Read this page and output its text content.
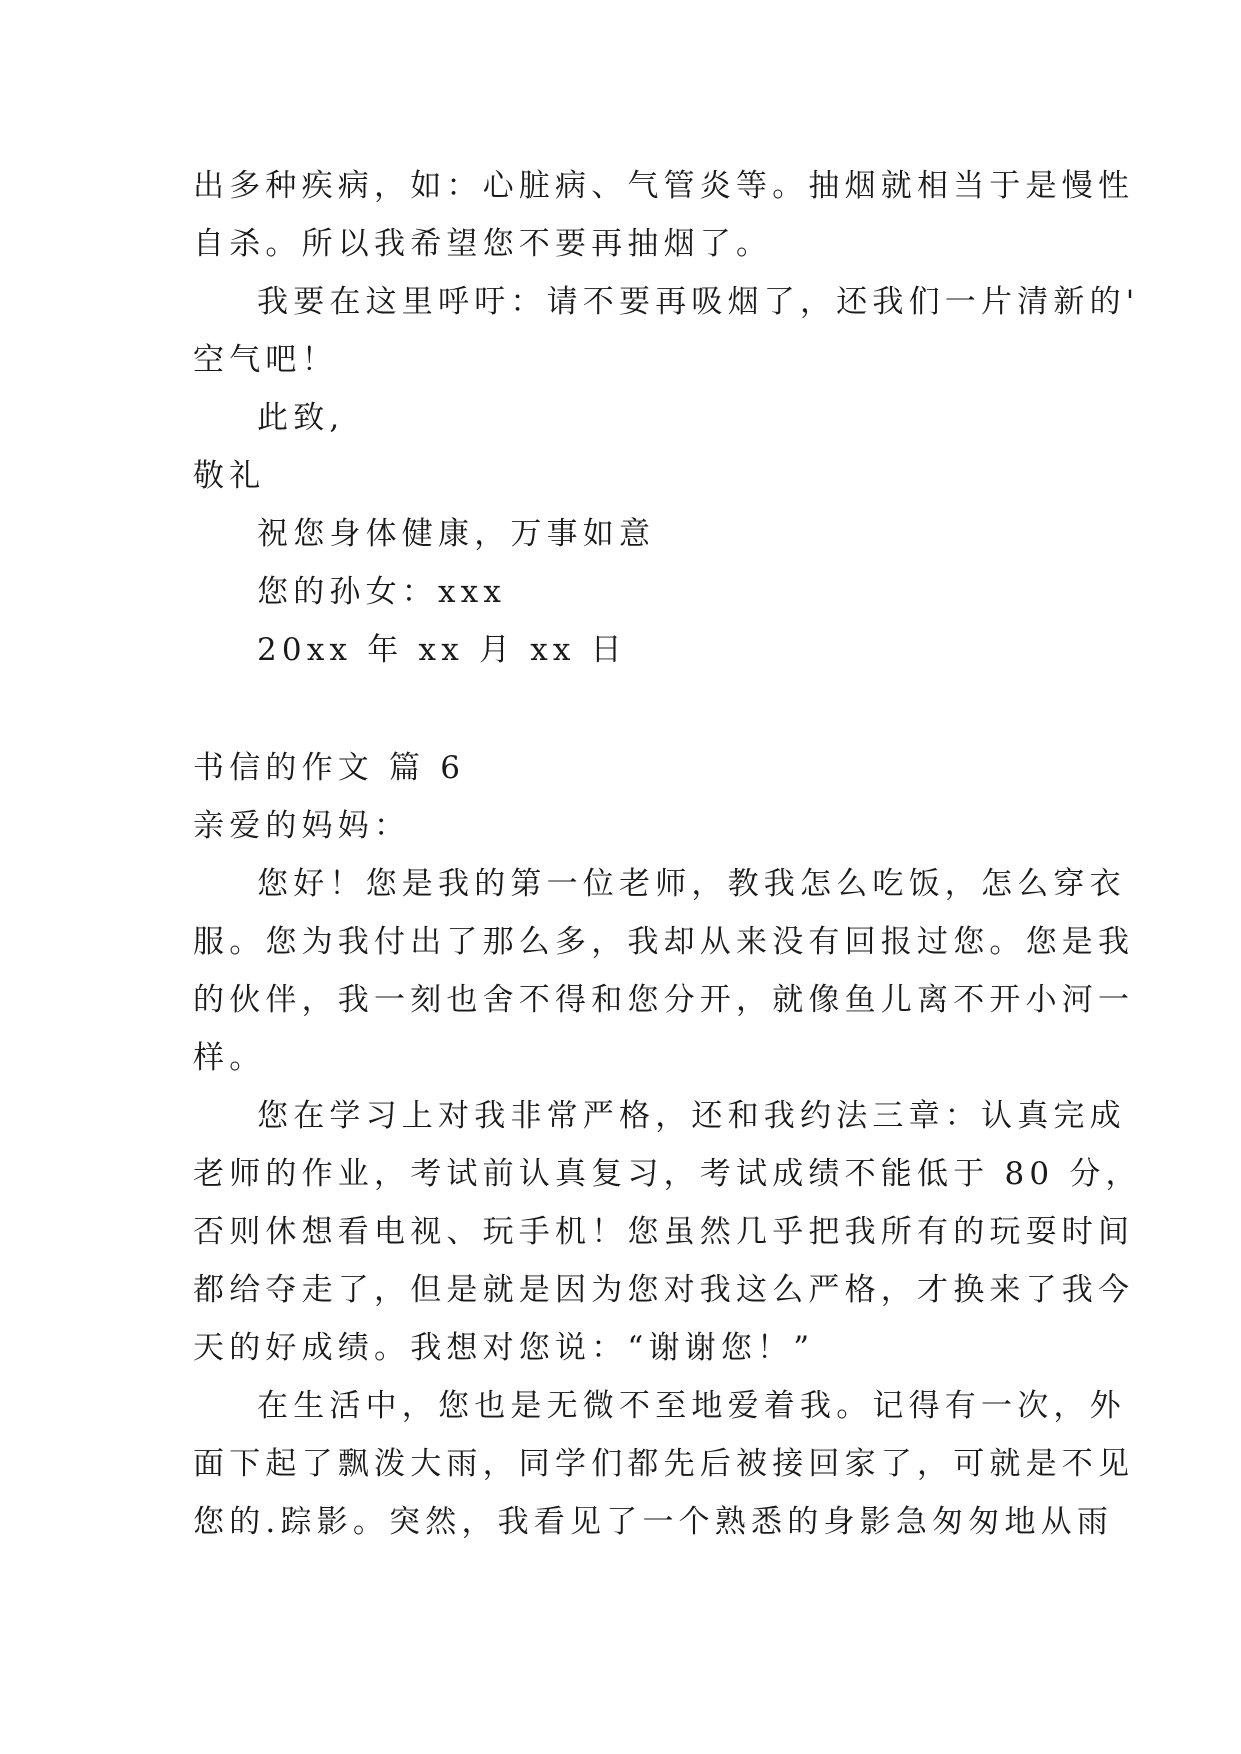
出多种疾病，如：心脏病、气管炎等。抽烟就相当于是慢性
自杀。所以我希望您不要再抽烟了。
我要在这里呼吁：请不要再吸烟了，还我们一片清新的'
空气吧！
此致,
敬礼
祝您身体健康，万事如意
您的孙女：xxx
20xx 年 xx 月 xx 日
书信的作文 篇 6
亲爱的妈妈：
您好！您是我的第一位老师，教我怎么吃饭，怎么穿衣
服。您为我付出了那么多，我却从来没有回报过您。您是我
的伙伴，我一刻也舍不得和您分开，就像鱼儿离不开小河一
样。
您在学习上对我非常严格，还和我约法三章：认真完成
老师的作业，考试前认真复习，考试成绩不能低于 80 分，
否则休想看电视、玩手机！您虽然几乎把我所有的玩耍时间
都给夺走了，但是就是因为您对我这么严格，才换来了我今
天的好成绩。我想对您说：“谢谢您！”
在生活中，您也是无微不至地爱着我。记得有一次，外
面下起了飘泼大雨，同学们都先后被接回家了，可就是不见
您的.踪影。突然，我看见了一个熟悉的身影急匆匆地从雨
